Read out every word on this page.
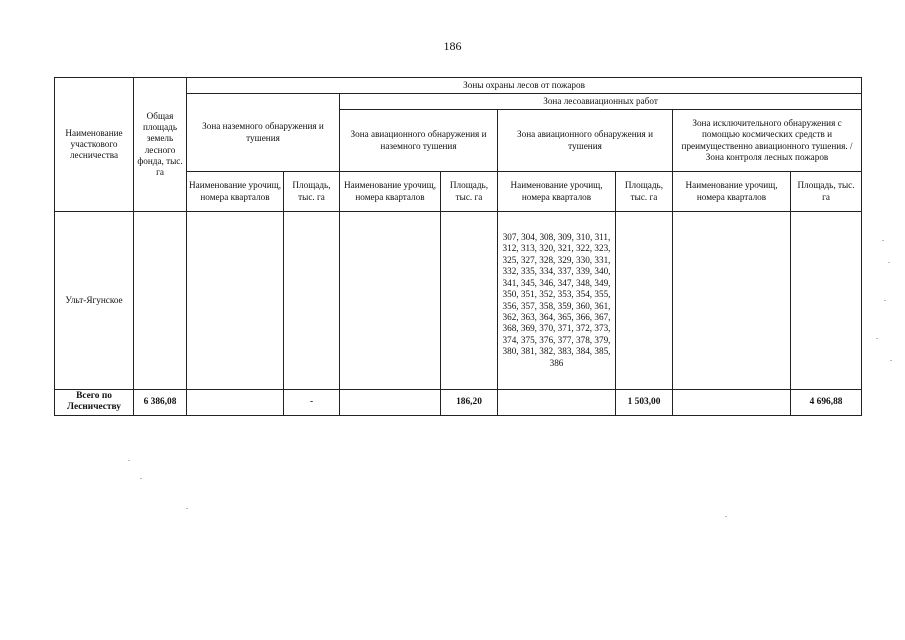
186
Наименование участкового лесничества	Общая площадь земель лесного фонда, тыс. га	Зоны охраны лесов от пожаров							
		Зона наземного обнаружения и тушения		Зона лесоавиационных работ					
				Зона авиационного обнаружения и наземного тушения		Зона авиационного обнаружения и тушения		Зона исключительного обнаружения с помощью космических средств и преимущественно авиационного тушения. / Зона контроля лесных пожаров	
		Наименование урочищ, номера кварталов	Площадь, тыс. га	Наименование урочищ, номера кварталов	Площадь, тыс. га	Наименование урочищ, номера кварталов	Площадь, тыс. га	Наименование урочищ, номера кварталов	Площадь, тыс. га
Ульт-Ягунское						307, 304, 308, 309, 310, 311, 312, 313, 320, 321, 322, 323, 325, 327, 328, 329, 330, 331, 332, 335, 334, 337, 339, 340, 341, 345, 346, 347, 348, 349, 350, 351, 352, 353, 354, 355, 356, 357, 358, 359, 360, 361, 362, 363, 364, 365, 366, 367, 368, 369, 370, 371, 372, 373, 374, 375, 376, 377, 378, 379, 380, 381, 382, 383, 384, 385, 386			
Всего по Лесничеству	6 386,08		-		186,20		1 503,00		4 696,88
